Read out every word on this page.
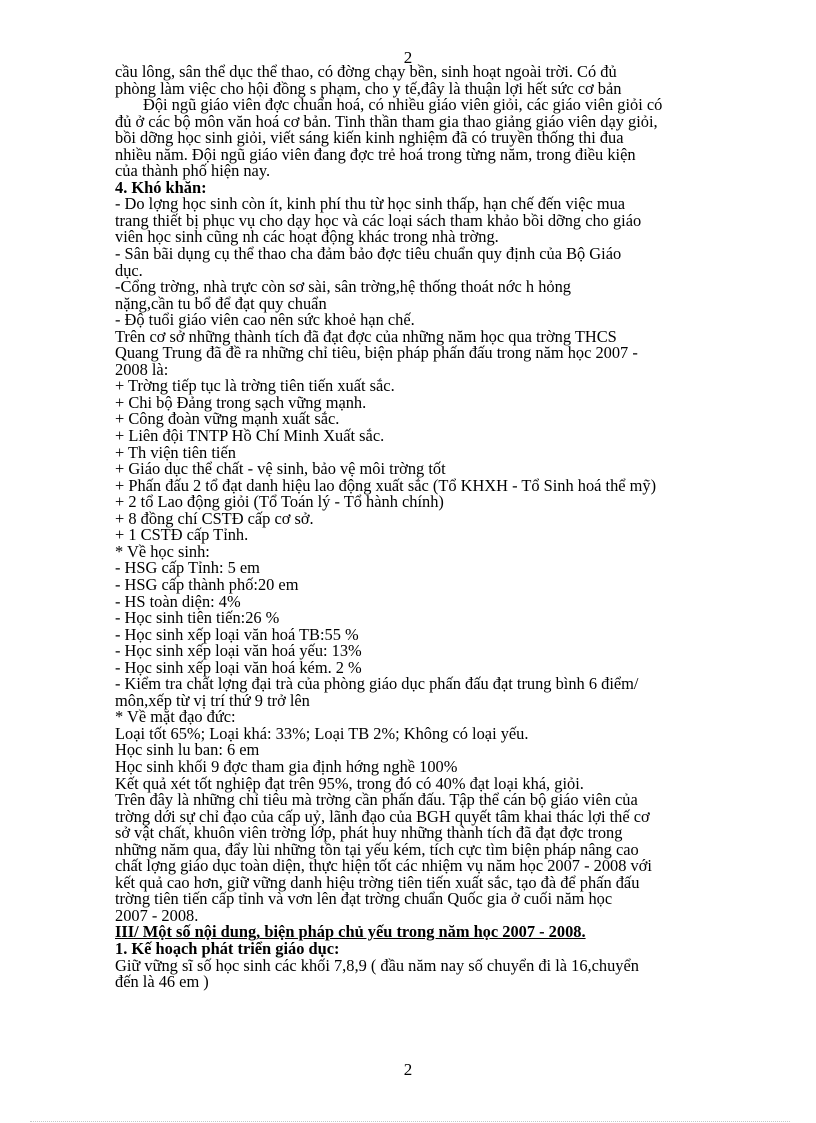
2

cầu lông, sân thể dục thể thao, có đờng chạy bền, sinh hoạt ngoài trời. Có đủ

phòng làm việc cho hội đồng s phạm, cho y tế,đây là thuận lợi hết sức cơ bản

Đội ngũ giáo viên đợc chuẩn hoá, có nhiều giáo viên giỏi, các giáo viên giỏi có

đủ ở các bộ môn văn hoá cơ bản. Tinh thần tham gia thao giảng giáo viên dạy giỏi,

bồi dỡng học sinh giỏi, viết sáng kiến kinh nghiệm đã có truyền thống thi đua

nhiều năm. Đội ngũ giáo viên đang đợc trẻ hoá trong từng năm, trong điều kiện

của thành phố hiện nay.

4. Khó khăn:

- Do lợng học sinh còn ít, kinh phí thu từ học sinh thấp, hạn chế đến việc mua

trang thiết bị phục vụ cho dạy học và các loại sách tham khảo bồi dỡng cho giáo

viên học sinh cũng nh các hoạt động khác trong nhà trờng.

- Sân bãi dụng cụ thể thao cha đảm bảo đợc tiêu chuẩn quy định của Bộ Giáo

dục.

-Cổng trờng, nhà trực còn sơ sài, sân trờng,hệ thống thoát nớc h hỏng

nặng,cần tu bổ để đạt quy chuẩn

- Độ tuổi giáo viên cao nên sức khoẻ hạn chế.

Trên cơ sở những thành tích đã đạt đợc của những năm học qua trờng THCS

Quang Trung đã đề ra những chỉ tiêu, biện pháp phấn đấu trong năm học 2007 -

2008 là:

+ Trờng tiếp tục là trờng tiên tiến xuất sắc.

+ Chi bộ Đảng trong sạch vững mạnh.

+ Công đoàn vững mạnh xuất sắc.

+ Liên đội TNTP Hồ Chí Minh Xuất sắc.

+ Th viện tiên tiến

+ Giáo dục thể chất - vệ sinh, bảo vệ môi trờng tốt

+ Phấn đấu 2 tổ đạt danh hiệu lao động xuất sắc (Tổ KHXH - Tổ Sinh hoá thể mỹ)

+ 2 tổ Lao động giỏi (Tổ Toán lý - Tổ hành chính)

+ 8 đồng chí CSTĐ cấp cơ sở.

+ 1 CSTĐ cấp Tỉnh.

* Về học sinh:

- HSG cấp Tỉnh: 5 em

- HSG cấp thành phố:20 em

- HS toàn diện: 4%

- Học sinh tiên tiến:26 %

- Học sinh xếp loại văn hoá TB:55 %

- Học sinh xếp loại văn hoá yếu: 13%

- Học sinh xếp loại văn hoá kém. 2 %

- Kiểm tra chất lợng đại trà của phòng giáo dục phấn đấu đạt trung bình 6 điểm/

môn,xếp từ vị trí thứ 9 trở lên

* Về mặt đạo đức:

Loại tốt 65%; Loại khá: 33%; Loại TB 2%; Không có loại yếu.

Học sinh lu ban: 6 em

Học sinh khối 9 đợc tham gia định hớng nghề 100%

Kết quả xét tốt nghiệp đạt trên 95%, trong đó có 40% đạt loại khá, giỏi.

Trên đây là những chỉ tiêu mà trờng cần phấn đấu. Tập thể cán bộ giáo viên của

trờng dới sự chỉ đạo của cấp uỷ, lãnh đạo của BGH quyết tâm khai thác lợi thế cơ

sở vật chất, khuôn viên trờng lớp, phát huy những thành tích đã đạt đợc trong

những năm qua, đẩy lùi những tồn tại yếu kém, tích cực tìm biện pháp nâng cao

chất lợng giáo dục toàn diện, thực hiện tốt các nhiệm vụ năm học 2007 - 2008 với

kết quả cao hơn, giữ vững danh hiệu trờng tiên tiến xuất sắc, tạo đà để phấn đấu

trờng tiên tiến cấp tỉnh và vơn lên đạt trờng chuẩn Quốc gia ở cuối năm học

2007 - 2008.

III/ Một số nội dung, biện pháp chủ yếu trong năm học 2007 - 2008.

1. Kế hoạch phát triển giáo dục:

Giữ vững sĩ số học sinh các khối 7,8,9 ( đầu năm nay số chuyển đi là 16,chuyển

đến là 46 em )

2
